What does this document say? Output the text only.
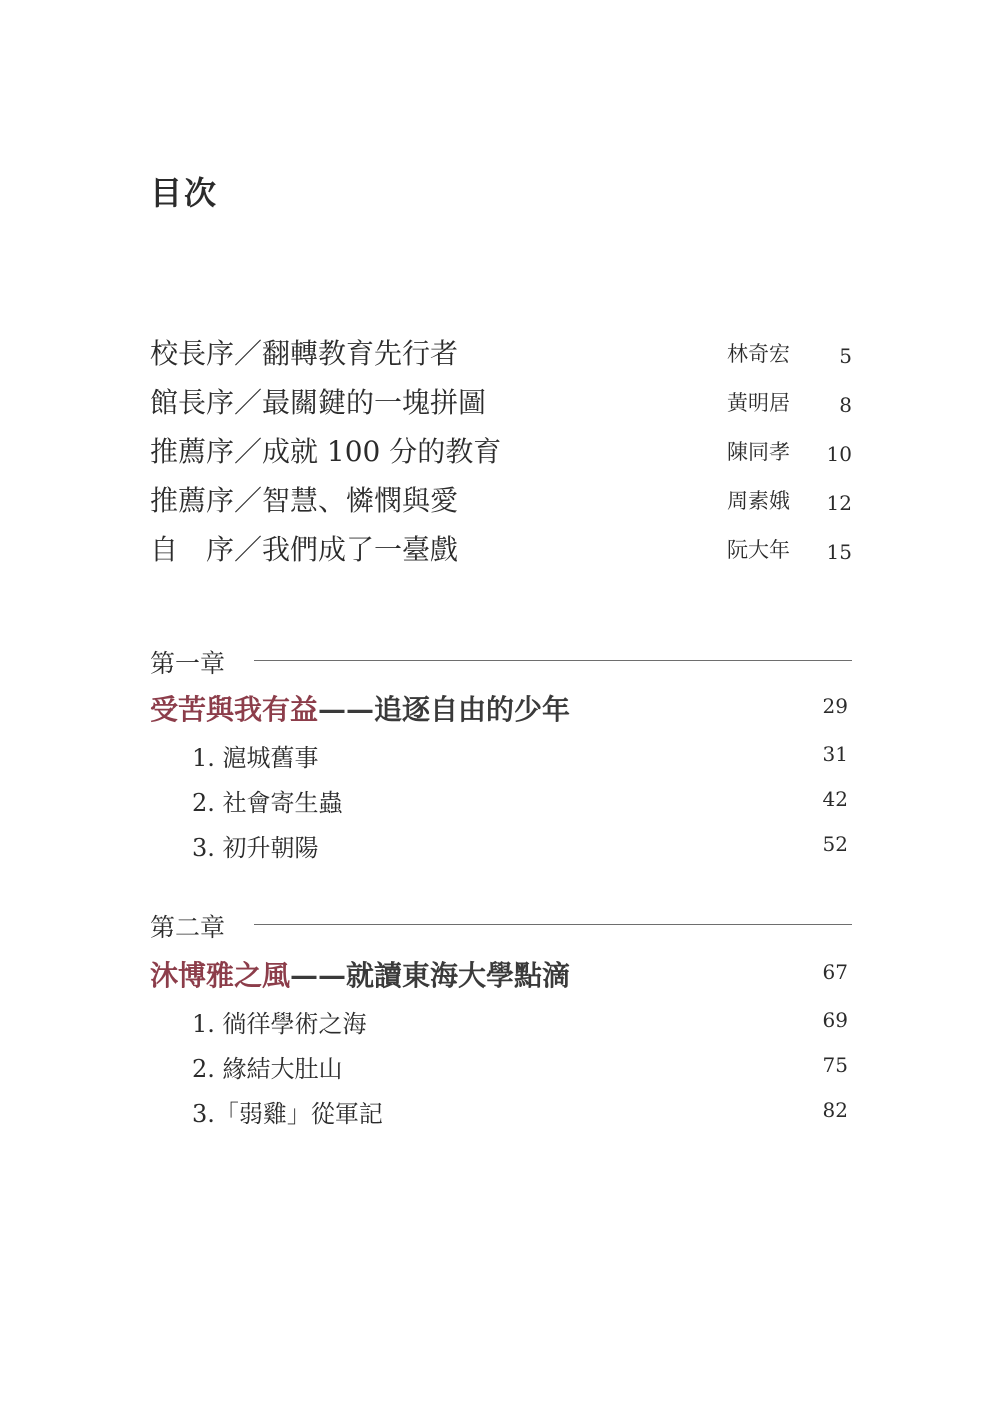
目次
校長序／翻轉教育先行者	林奇宏 5
館長序／最關鍵的一塊拼圖	黃明居 8
推薦序／成就 100 分的教育	陳同孝 10
推薦序／智慧、憐憫與愛	周素娥 12
自　序／我們成了一臺戲	阮大年 15
第一章
受苦與我有益——追逐自由的少年	29
1. 滬城舊事	31
2. 社會寄生蟲	42
3. 初升朝陽	52
第二章
沐博雅之風——就讀東海大學點滴	67
1. 徜徉學術之海	69
2. 緣結大肚山	75
3.「弱雞」從軍記	82
